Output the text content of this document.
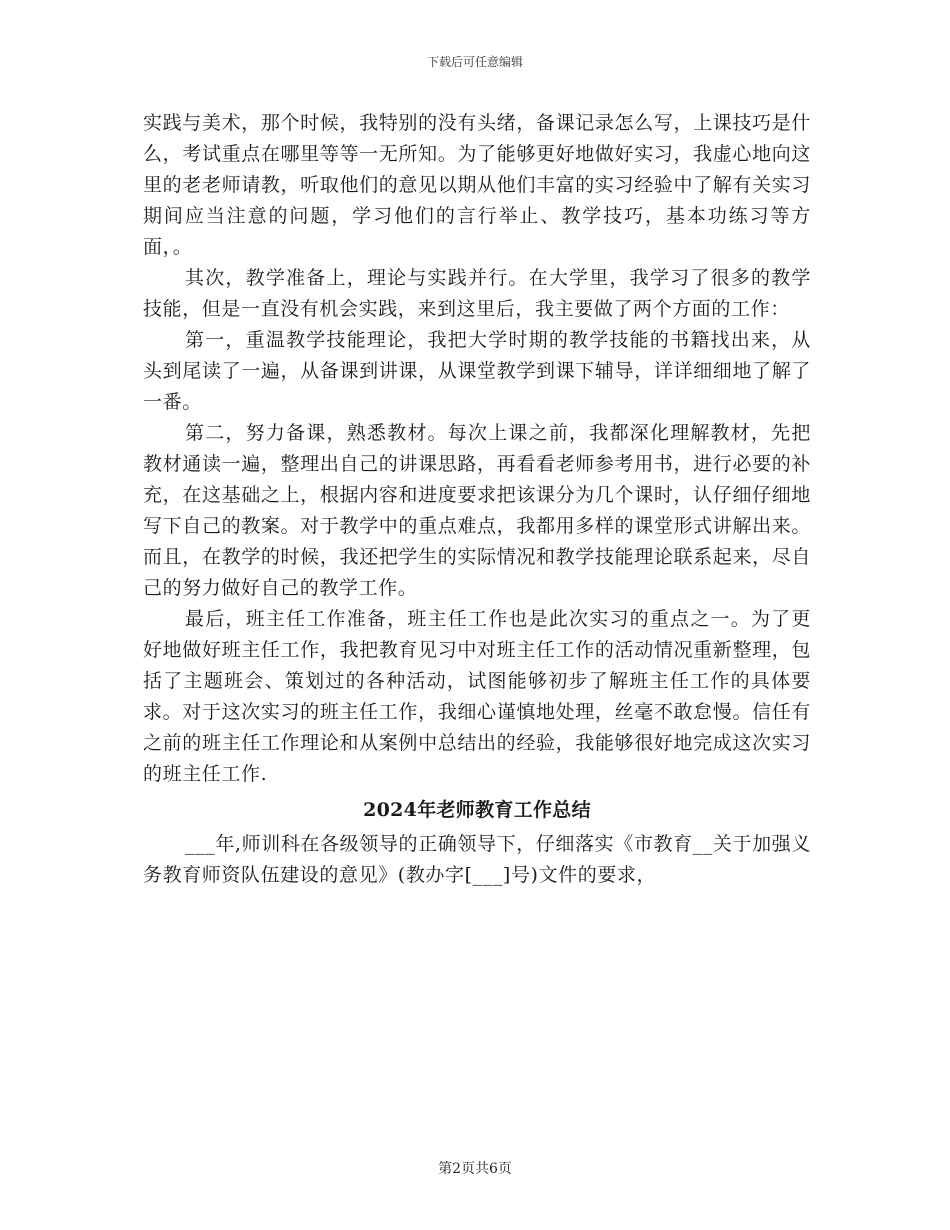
下载后可任意编辑

实践与美术，那个时候，我特别的没有头绪，备课记录怎么写，上课技巧是什么，考试重点在哪里等等一无所知。为了能够更好地做好实习，我虚心地向这里的老老师请教，听取他们的意见以期从他们丰富的实习经验中了解有关实习期间应当注意的问题，学习他们的言行举止、教学技巧，基本功练习等方面，。

其次，教学准备上，理论与实践并行。在大学里，我学习了很多的教学技能，但是一直没有机会实践，来到这里后，我主要做了两个方面的工作：

第一，重温教学技能理论，我把大学时期的教学技能的书籍找出来，从头到尾读了一遍，从备课到讲课，从课堂教学到课下辅导，详详细细地了解了一番。

第二，努力备课，熟悉教材。每次上课之前，我都深化理解教材，先把教材通读一遍，整理出自己的讲课思路，再看看老师参考用书，进行必要的补充，在这基础之上，根据内容和进度要求把该课分为几个课时，认仔细仔细地写下自己的教案。对于教学中的重点难点，我都用多样的课堂形式讲解出来。而且，在教学的时候，我还把学生的实际情况和教学技能理论联系起来，尽自己的努力做好自己的教学工作。

最后，班主任工作准备，班主任工作也是此次实习的重点之一。为了更好地做好班主任工作，我把教育见习中对班主任工作的活动情况重新整理，包括了主题班会、策划过的各种活动，试图能够初步了解班主任工作的具体要求。对于这次实习的班主任工作，我细心谨慎地处理，丝毫不敢怠慢。信任有之前的班主任工作理论和从案例中总结出的经验，我能够很好地完成这次实习的班主任工作.

2024年老师教育工作总结

___年,师训科在各级领导的正确领导下，仔细落实《市教育__关于加强义务教育师资队伍建设的意见》(教办字[___]号)文件的要求，

第2页共6页
